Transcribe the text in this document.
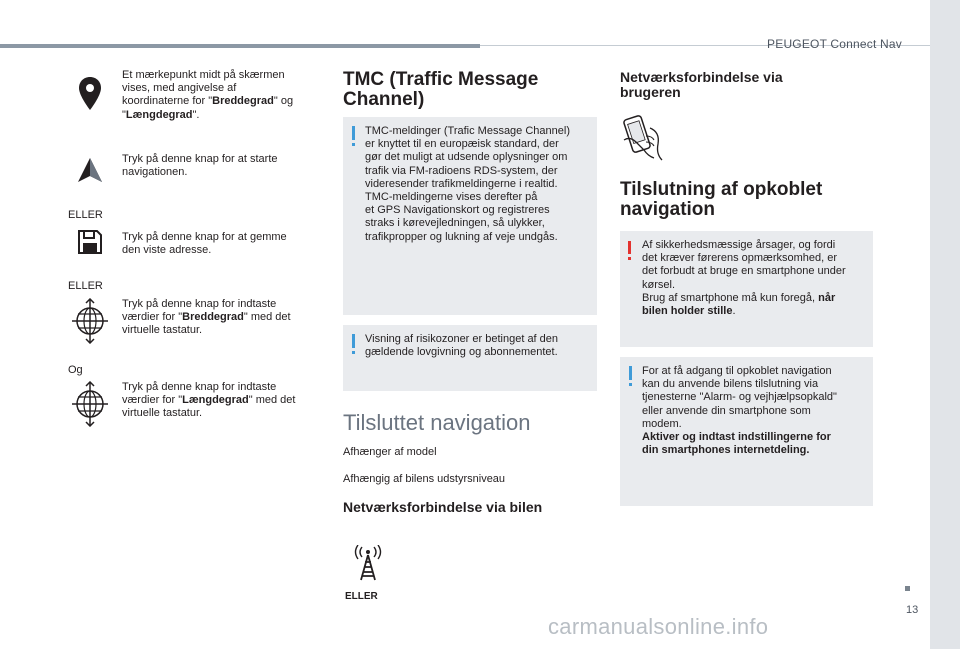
PEUGEOT Connect Nav
Et mærkepunkt midt på skærmen
vises, med angivelse af
koordinaterne for "Breddegrad" og
"Længdegrad".
Tryk på denne knap for at starte
navigationen.
ELLER
Tryk på denne knap for at gemme
den viste adresse.
ELLER
Tryk på denne knap for indtaste
værdier for "Breddegrad" med det
virtuelle tastatur.
Og
Tryk på denne knap for indtaste
værdier for "Længdegrad" med det
virtuelle tastatur.
TMC (Traffic Message
Channel)
TMC-meldinger (Trafic Message Channel)
er knyttet til en europæisk standard, der
gør det muligt at udsende oplysninger om
trafik via FM-radioens RDS-system, der
videresender trafikmeldingerne i realtid.
TMC-meldingerne vises derefter på
et GPS Navigationskort og registreres
straks i kørevejledningen, så ulykker,
trafikpropper og lukning af veje undgås.
Visning af risikozoner er betinget af den
gældende lovgivning og abonnementet.
Tilsluttet navigation
Afhænger af model
Afhængig af bilens udstyrsniveau
Netværksforbindelse via bilen
ELLER
Netværksforbindelse via
brugeren
Tilslutning af opkoblet
navigation
Af sikkerhedsmæssige årsager, og fordi
det kræver førerens opmærksomhed, er
det forbudt at bruge en smartphone under
kørsel.
Brug af smartphone må kun foregå, når
bilen holder stille.
For at få adgang til opkoblet navigation
kan du anvende bilens tilslutning via
tjenesterne "Alarm- og vejhjælpsopkald"
eller anvende din smartphone som
modem.
Aktiver og indtast indstillingerne for
din smartphones internetdeling.
13
carmanualsonline.info
